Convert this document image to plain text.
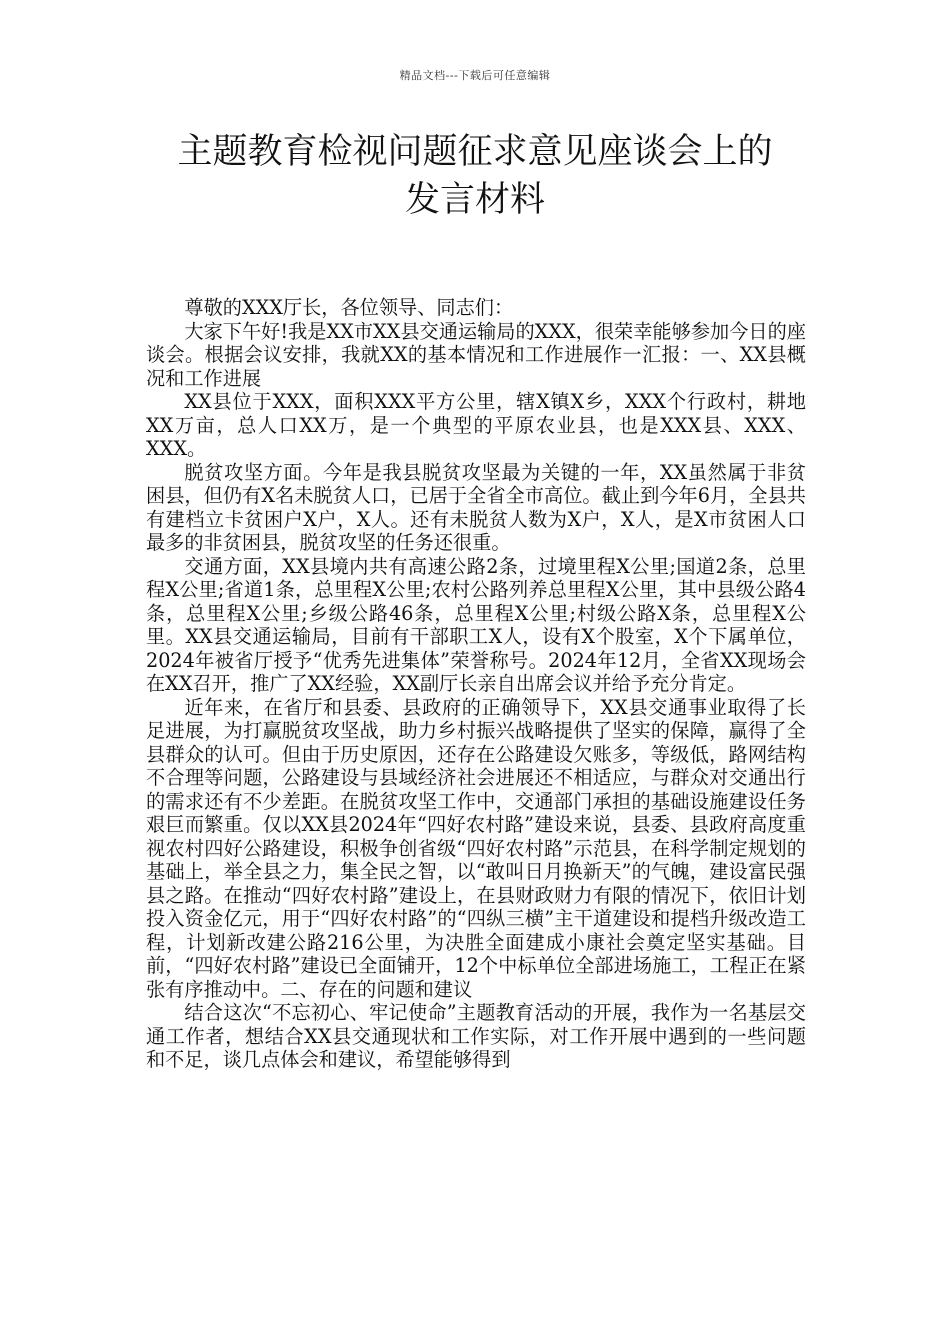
精品文档---下载后可任意编辑
主题教育检视问题征求意见座谈会上的
发言材料

尊敬的XXX厅长，各位领导、同志们：

大家下午好!我是XX市XX县交通运输局的XXX，很荣幸能够参加今日的座谈会。根据会议安排，我就XX的基本情况和工作进展作一汇报：一、XX县概况和工作进展

XX县位于XXX，面积XXX平方公里，辖X镇X乡，XXX个行政村，耕地XX万亩，总人口XX万，是一个典型的平原农业县，也是XXX县、XXX、XXX。

脱贫攻坚方面。今年是我县脱贫攻坚最为关键的一年，XX虽然属于非贫困县，但仍有X名未脱贫人口，已居于全省全市高位。截止到今年6月，全县共有建档立卡贫困户X户，X人。还有未脱贫人数为X户，X人，是X市贫困人口最多的非贫困县，脱贫攻坚的任务还很重。

交通方面，XX县境内共有高速公路2条，过境里程X公里;国道2条，总里程X公里;省道1条，总里程X公里;农村公路列养总里程X公里，其中县级公路4条，总里程X公里;乡级公路46条，总里程X公里;村级公路X条，总里程X公里。XX县交通运输局，目前有干部职工X人，设有X个股室，X个下属单位，2024年被省厅授予“优秀先进集体”荣誉称号。2024年12月，全省XX现场会在XX召开，推广了XX经验，XX副厅长亲自出席会议并给予充分肯定。

近年来，在省厅和县委、县政府的正确领导下，XX县交通事业取得了长足进展，为打赢脱贫攻坚战，助力乡村振兴战略提供了坚实的保障，赢得了全县群众的认可。但由于历史原因，还存在公路建设欠账多，等级低，路网结构不合理等问题，公路建设与县域经济社会进展还不相适应，与群众对交通出行的需求还有不少差距。在脱贫攻坚工作中，交通部门承担的基础设施建设任务艰巨而繁重。仅以XX县2024年“四好农村路”建设来说，县委、县政府高度重视农村四好公路建设，积极争创省级“四好农村路”示范县，在科学制定规划的基础上，举全县之力，集全民之智，以“敢叫日月换新天”的气魄，建设富民强县之路。在推动“四好农村路”建设上，在县财政财力有限的情况下，依旧计划投入资金亿元，用于“四好农村路”的“四纵三横”主干道建设和提档升级改造工程，计划新改建公路216公里，为决胜全面建成小康社会奠定坚实基础。目前，“四好农村路”建设已全面铺开，12个中标单位全部进场施工，工程正在紧张有序推动中。二、存在的问题和建议

结合这次“不忘初心、牢记使命”主题教育活动的开展，我作为一名基层交通工作者，想结合XX县交通现状和工作实际，对工作开展中遇到的一些问题和不足，谈几点体会和建议，希望能够得到
